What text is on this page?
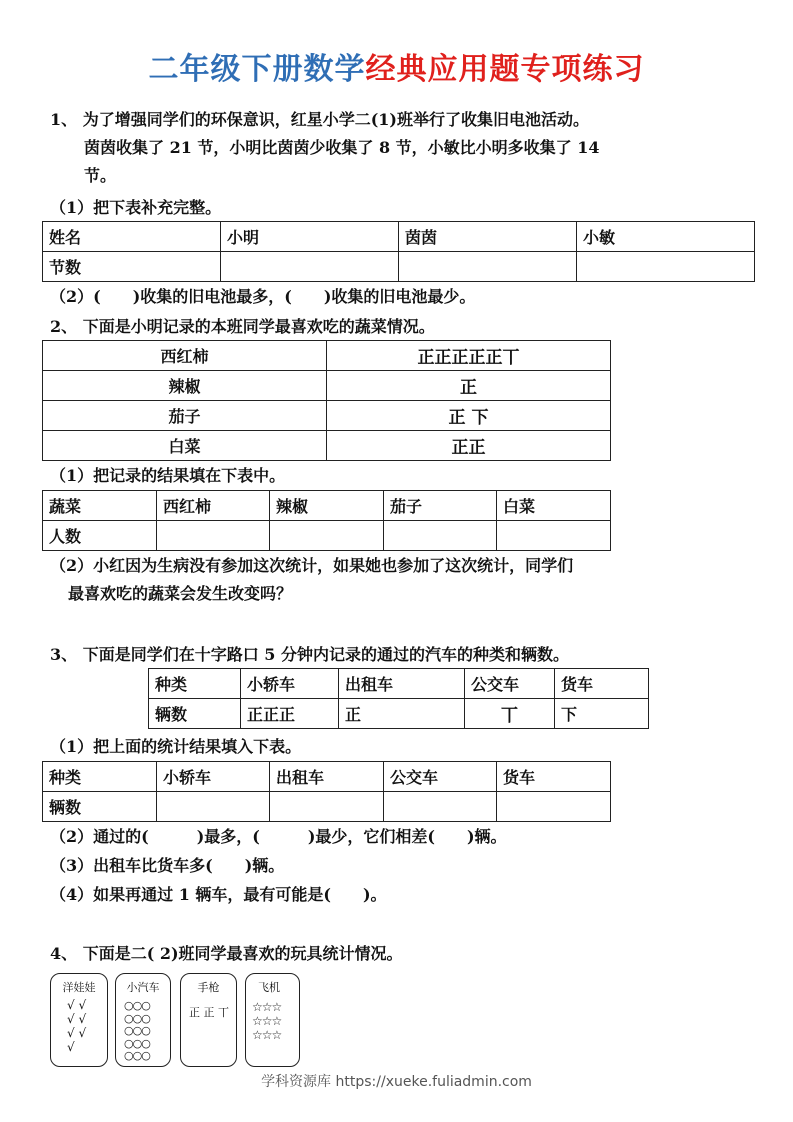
二年级下册数学经典应用题专项练习
1、 为了增强同学们的环保意识，红星小学二(1)班举行了收集旧电池活动。
茵茵收集了 21 节，小明比茵茵少收集了 8 节，小敏比小明多收集了 14
节。
（1）把下表补充完整。
姓名	小明	茵茵	小敏
节数			
（2）(　　)收集的旧电池最多，(　　)收集的旧电池最少。
2、 下面是小明记录的本班同学最喜欢吃的蔬菜情况。
西红柿	正正正正正丅
辣椒	正
茄子	正 下
白菜	正正
（1）把记录的结果填在下表中。
蔬菜	西红柿	辣椒	茄子	白菜
人数				
（2）小红因为生病没有参加这次统计，如果她也参加了这次统计，同学们
最喜欢吃的蔬菜会发生改变吗？
3、 下面是同学们在十字路口 5 分钟内记录的通过的汽车的种类和辆数。
种类	小轿车	出租车	公交车	货车
辆数	正正正	正	丅	下
（1）把上面的统计结果填入下表。
种类	小轿车	出租车	公交车	货车
辆数				
（2）通过的(　　　)最多，(　　　)最少，它们相差(　　)辆。
（3）出租车比货车多(　　)辆。
（4）如果再通过 1 辆车，最有可能是(　　)。
4、 下面是二( 2)班同学最喜欢的玩具统计情况。
洋娃娃
√ √
√ √
√ √
√
小汽车
○○○
○○○
○○○
○○○
○○○
手枪
正 正 丅
飞机
☆☆☆
☆☆☆
☆☆☆
学科资源库 https://xueke.fuliadmin.com
